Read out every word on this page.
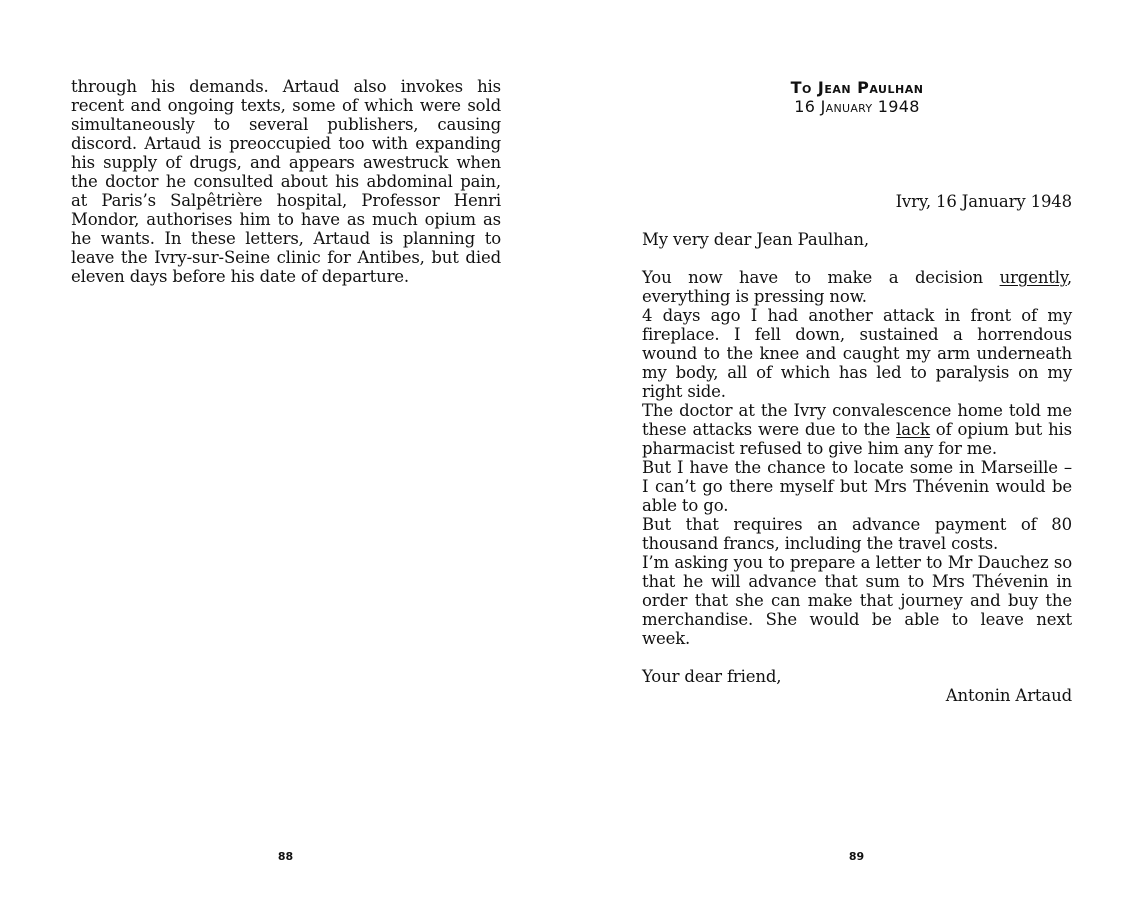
through his demands. Artaud also invokes his recent and ongoing texts, some of which were sold simultaneously to several publishers, causing discord. Artaud is preoccupied too with expanding his supply of drugs, and appears awestruck when the doctor he consulted about his abdominal pain, at Paris’s Salpêtrière hospital, Professor Henri Mondor, authorises him to have as much opium as he wants. In these letters, Artaud is planning to leave the Ivry-sur-Seine clinic for Antibes, but died eleven days before his date of departure.

88
To Jean Paulhan
16 January 1948

Ivry, 16 January 1948

My very dear Jean Paulhan,

You now have to make a decision urgently, everything is pressing now.

4 days ago I had another attack in front of my fireplace. I fell down, sustained a horrendous wound to the knee and caught my arm underneath my body, all of which has led to paralysis on my right side.

The doctor at the Ivry convalescence home told me these attacks were due to the lack of opium but his pharmacist refused to give him any for me.

But I have the chance to locate some in Marseille – I can’t go there myself but Mrs Thévenin would be able to go.

But that requires an advance payment of 80 thousand francs, including the travel costs.

I’m asking you to prepare a letter to Mr Dauchez so that he will advance that sum to Mrs Thévenin in order that she can make that journey and buy the merchandise. She would be able to leave next week.

Your dear friend,

Antonin Artaud

89
